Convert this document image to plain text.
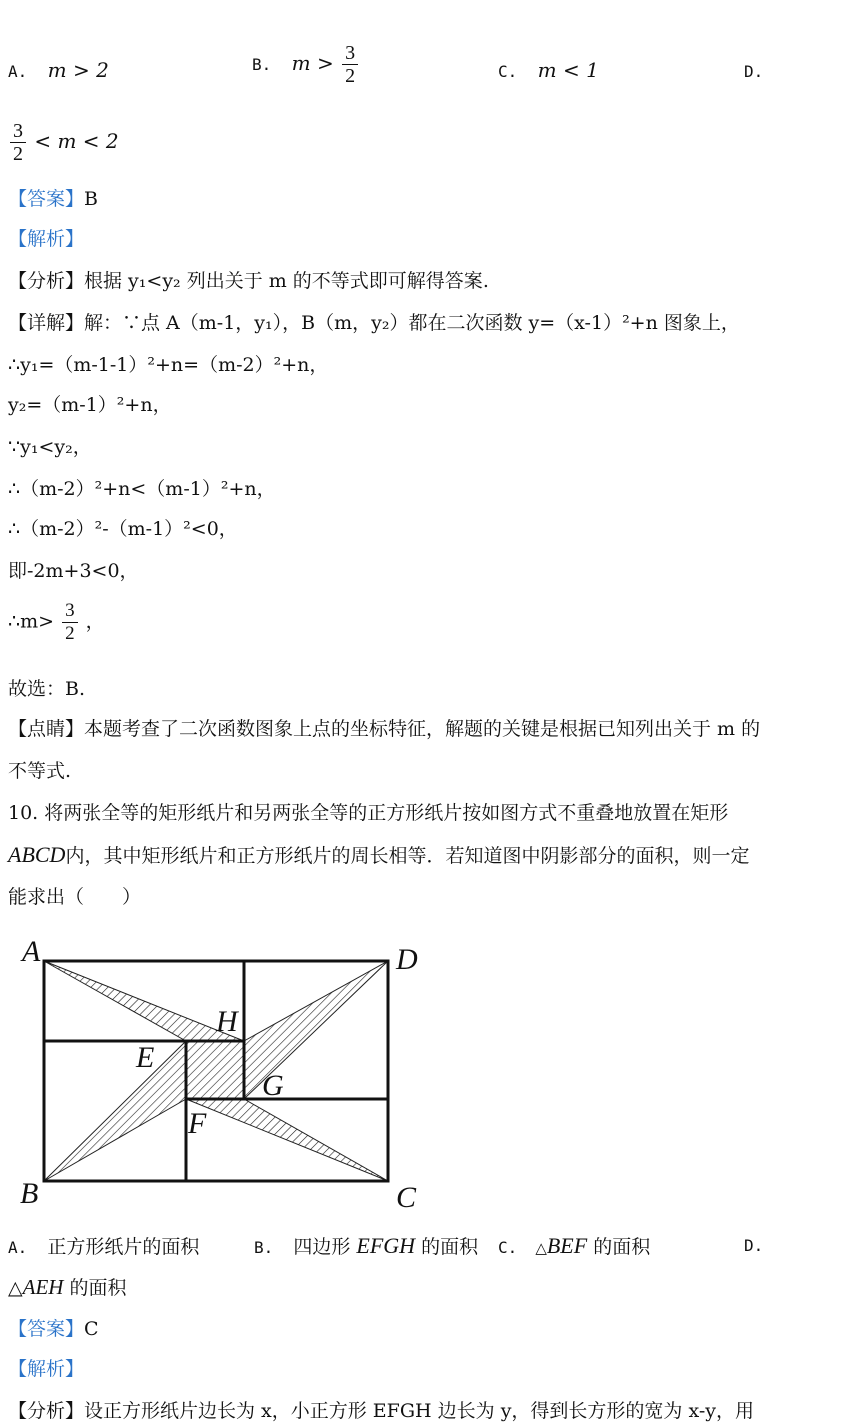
A. m > 2	B. $m > \frac{3}{2}$	C. m < 1	D.
$\frac{3}{2} < m < 2$
【答案】B
【解析】
【分析】根据 y₁<y₂ 列出关于 m 的不等式即可解得答案.
【详解】解：∵点 A（m-1，y₁），B（m，y₂）都在二次函数 y=（x-1）²+n 图象上，
∴y₁=（m-1-1）²+n=（m-2）²+n，
y₂=（m-1）²+n，
∵y₁<y₂，
∴（m-2）²+n<（m-1）²+n，
∴（m-2）²-（m-1）²<0，
即-2m+3<0，
∴m> $\frac{3}{2}$ ，
故选：B.
【点睛】本题考查了二次函数图象上点的坐标特征，解题的关键是根据已知列出关于 m 的
不等式.
10. 将两张全等的矩形纸片和另两张全等的正方形纸片按如图方式不重叠地放置在矩形
ABCD内，其中矩形纸片和正方形纸片的周长相等．若知道图中阴影部分的面积，则一定
能求出（　　）
A	D
B	C
H
E
G
F
A. 正方形纸片的面积	B. 四边形 EFGH 的面积 C. △BEF 的面积	D.
△AEH 的面积
【答案】C
【解析】
【分析】设正方形纸片边长为 x，小正方形 EFGH 边长为 y，得到长方形的宽为 x-y，用
